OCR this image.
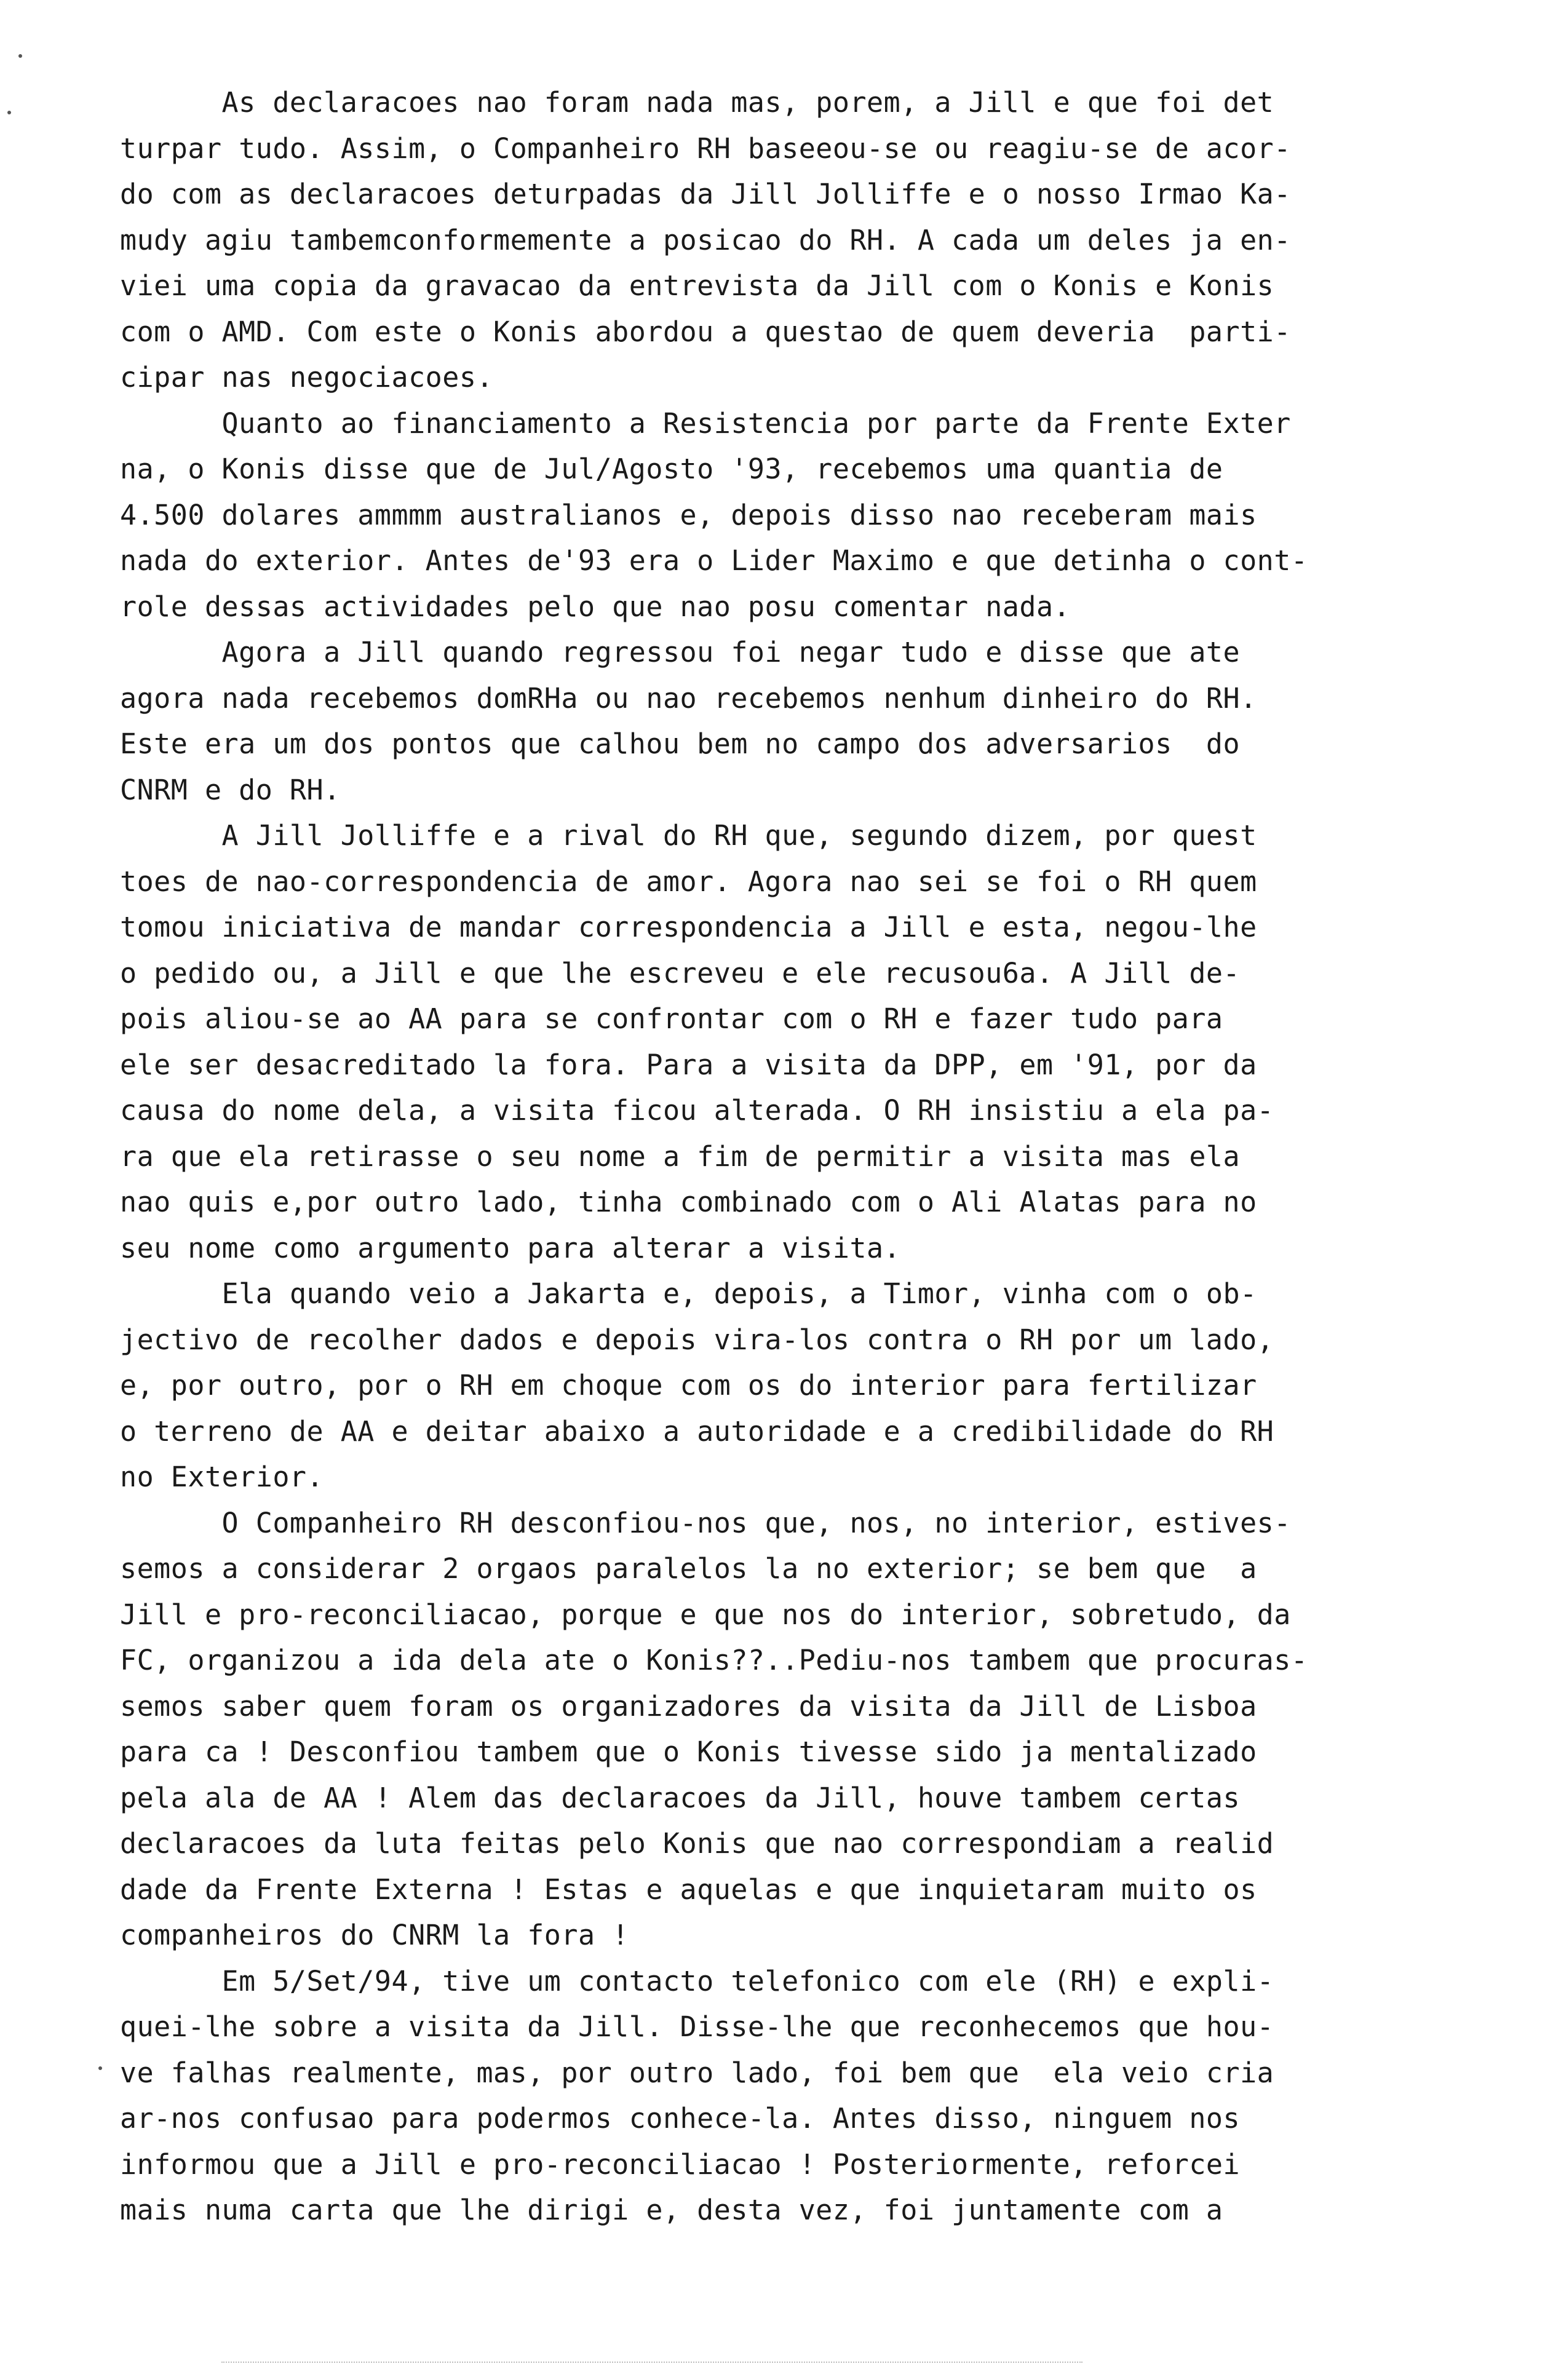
As declaracoes nao foram nada mas, porem, a Jill e que foi det
turpar tudo. Assim, o Companheiro RH baseeou-se ou reagiu-se de acor-
do com as declaracoes deturpadas da Jill Jolliffe e o nosso Irmao Ka-
mudy agiu tambemconformemente a posicao do RH. A cada um deles ja en-
viei uma copia da gravacao da entrevista da Jill com o Konis e Konis
com o AMD. Com este o Konis abordou a questao de quem deveria  parti-
cipar nas negociacoes.
Quanto ao financiamento a Resistencia por parte da Frente Exter
na, o Konis disse que de Jul/Agosto '93, recebemos uma quantia de
4.500 dolares ammmm australianos e, depois disso nao receberam mais
nada do exterior. Antes de'93 era o Lider Maximo e que detinha o cont-
role dessas actividades pelo que nao posu comentar nada.
Agora a Jill quando regressou foi negar tudo e disse que ate
agora nada recebemos domRHa ou nao recebemos nenhum dinheiro do RH.
Este era um dos pontos que calhou bem no campo dos adversarios  do
CNRM e do RH.
A Jill Jolliffe e a rival do RH que, segundo dizem, por quest
toes de nao-correspondencia de amor. Agora nao sei se foi o RH quem
tomou iniciativa de mandar correspondencia a Jill e esta, negou-lhe
o pedido ou, a Jill e que lhe escreveu e ele recusou6a. A Jill de-
pois aliou-se ao AA para se confrontar com o RH e fazer tudo para
ele ser desacreditado la fora. Para a visita da DPP, em '91, por da
causa do nome dela, a visita ficou alterada. O RH insistiu a ela pa-
ra que ela retirasse o seu nome a fim de permitir a visita mas ela
nao quis e,por outro lado, tinha combinado com o Ali Alatas para no
seu nome como argumento para alterar a visita.
Ela quando veio a Jakarta e, depois, a Timor, vinha com o ob-
jectivo de recolher dados e depois vira-los contra o RH por um lado,
e, por outro, por o RH em choque com os do interior para fertilizar
o terreno de AA e deitar abaixo a autoridade e a credibilidade do RH
no Exterior.
O Companheiro RH desconfiou-nos que, nos, no interior, estives-
semos a considerar 2 orgaos paralelos la no exterior; se bem que  a
Jill e pro-reconciliacao, porque e que nos do interior, sobretudo, da
FC, organizou a ida dela ate o Konis??..Pediu-nos tambem que procuras-
semos saber quem foram os organizadores da visita da Jill de Lisboa
para ca ! Desconfiou tambem que o Konis tivesse sido ja mentalizado
pela ala de AA ! Alem das declaracoes da Jill, houve tambem certas
declaracoes da luta feitas pelo Konis que nao correspondiam a realid
dade da Frente Externa ! Estas e aquelas e que inquietaram muito os
companheiros do CNRM la fora !
Em 5/Set/94, tive um contacto telefonico com ele (RH) e expli-
quei-lhe sobre a visita da Jill. Disse-lhe que reconhecemos que hou-
ve falhas realmente, mas, por outro lado, foi bem que  ela veio cria
ar-nos confusao para podermos conhece-la. Antes disso, ninguem nos
informou que a Jill e pro-reconciliacao ! Posteriormente, reforcei
mais numa carta que lhe dirigi e, desta vez, foi juntamente com a
